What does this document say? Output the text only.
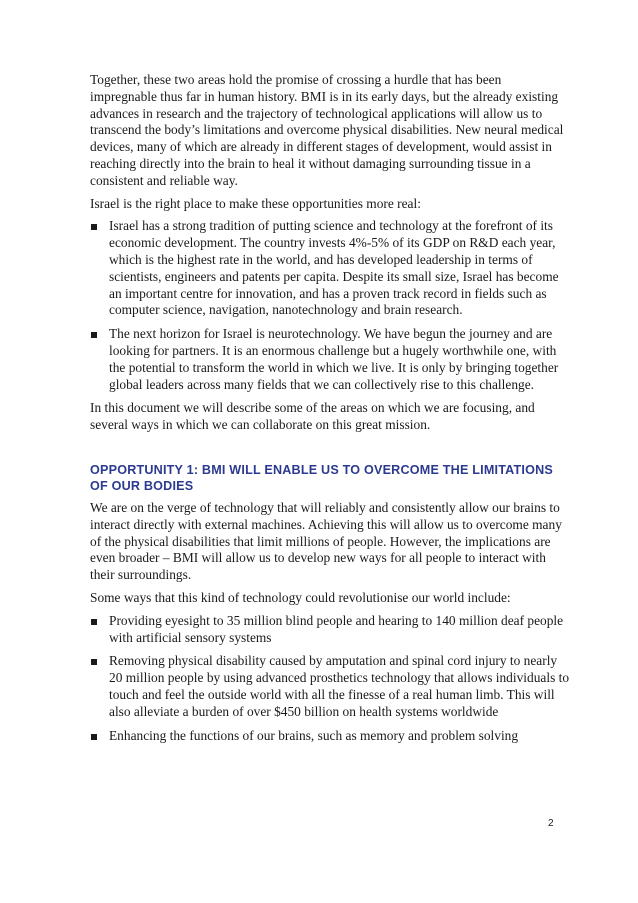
Together, these two areas hold the promise of crossing a hurdle that has been impregnable thus far in human history. BMI is in its early days, but the already existing advances in research and the trajectory of technological applications will allow us to transcend the body’s limitations and overcome physical disabilities. New neural medical devices, many of which are already in different stages of development, would assist in reaching directly into the brain to heal it without damaging surrounding tissue in a consistent and reliable way.

Israel is the right place to make these opportunities more real:

Israel has a strong tradition of putting science and technology at the forefront of its economic development. The country invests 4%-5% of its GDP on R&D each year, which is the highest rate in the world, and has developed leadership in terms of scientists, engineers and patents per capita. Despite its small size, Israel has become an important centre for innovation, and has a proven track record in fields such as computer science, navigation, nanotechnology and brain research.
The next horizon for Israel is neurotechnology. We have begun the journey and are looking for partners. It is an enormous challenge but a hugely worthwhile one, with the potential to transform the world in which we live. It is only by bringing together global leaders across many fields that we can collectively rise to this challenge.

In this document we will describe some of the areas on which we are focusing, and several ways in which we can collaborate on this great mission.

OPPORTUNITY 1: BMI WILL ENABLE US TO OVERCOME THE LIMITATIONS OF OUR BODIES

We are on the verge of technology that will reliably and consistently allow our brains to interact directly with external machines. Achieving this will allow us to overcome many of the physical disabilities that limit millions of people. However, the implications are even broader – BMI will allow us to develop new ways for all people to interact with their surroundings.

Some ways that this kind of technology could revolutionise our world include:

Providing eyesight to 35 million blind people and hearing to 140 million deaf people with artificial sensory systems
Removing physical disability caused by amputation and spinal cord injury to nearly 20 million people by using advanced prosthetics technology that allows individuals to touch and feel the outside world with all the finesse of a real human limb. This will also alleviate a burden of over $450 billion on health systems worldwide
Enhancing the functions of our brains, such as memory and problem solving
2
